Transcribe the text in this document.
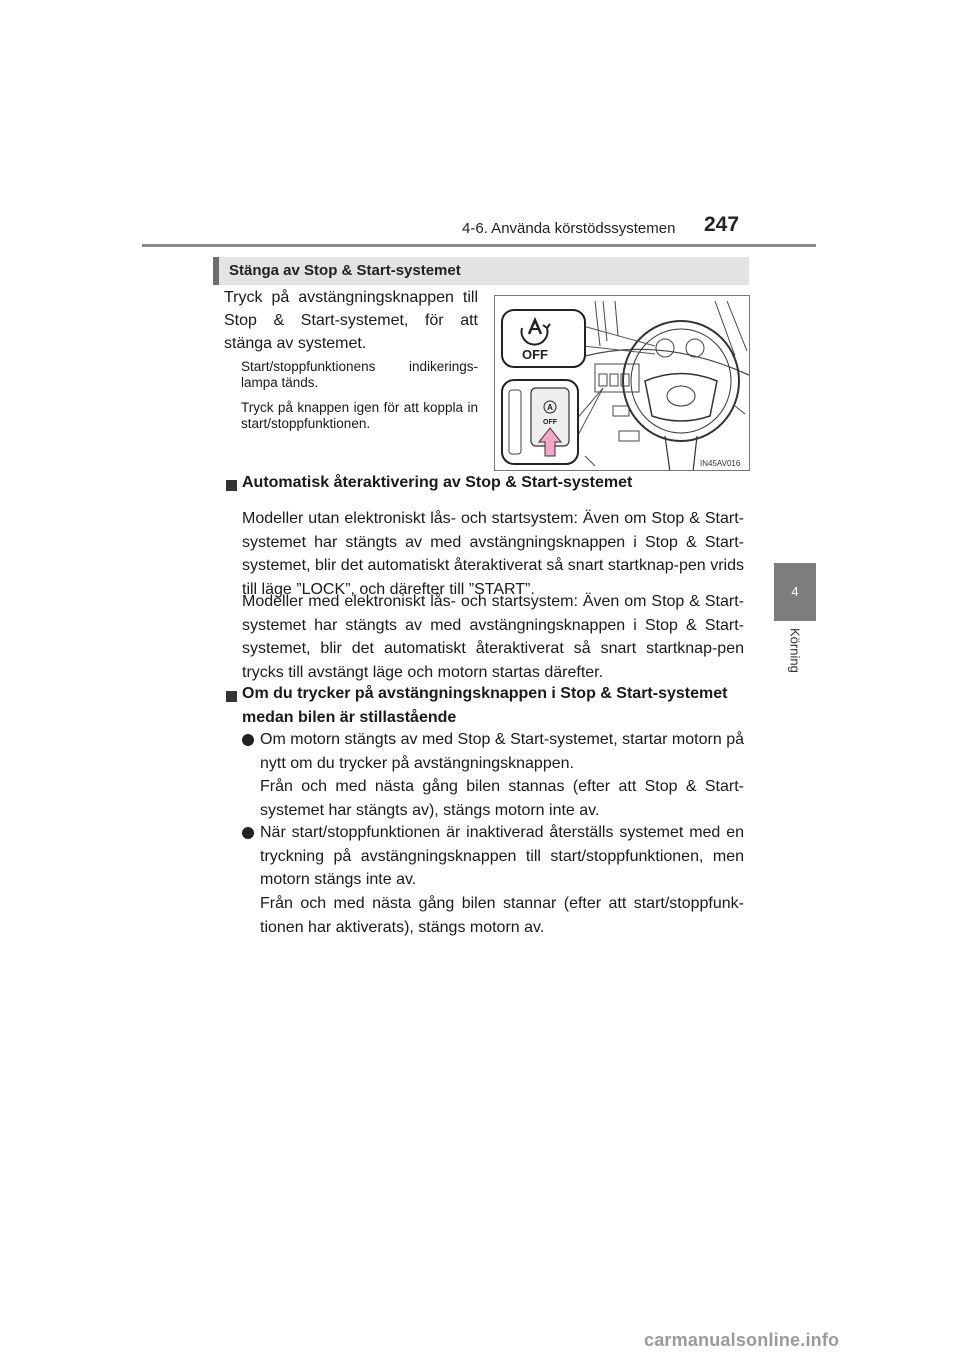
4-6. Använda körstödssystemen 247
4
Körning
Stänga av Stop & Start-systemet
Tryck på avstängningsknappen till Stop & Start-systemet, för att stänga av systemet.
Start/stoppfunktionens indikerings-lampa tänds.
Tryck på knappen igen för att koppla in start/stoppfunktionen.
OFF
A
OFF
IN45AV016
Automatisk återaktivering av Stop & Start-systemet
Modeller utan elektroniskt lås- och startsystem: Även om Stop & Start-systemet har stängts av med avstängningsknappen i Stop & Start-systemet, blir det automatiskt återaktiverat så snart startknap-pen vrids till läge ”LOCK”, och därefter till ”START”.
Modeller med elektroniskt lås- och startsystem: Även om Stop & Start-systemet har stängts av med avstängningsknappen i Stop & Start-systemet, blir det automatiskt återaktiverat så snart startknap-pen trycks till avstängt läge och motorn startas därefter.
Om du trycker på avstängningsknappen i Stop & Start-systemet medan bilen är stillastående
Om motorn stängts av med Stop & Start-systemet, startar motorn på nytt om du trycker på avstängningsknappen.
Från och med nästa gång bilen stannas (efter att Stop & Start-systemet har stängts av), stängs motorn inte av.
När start/stoppfunktionen är inaktiverad återställs systemet med en tryckning på avstängningsknappen till start/stoppfunktionen, men motorn stängs inte av.
Från och med nästa gång bilen stannar (efter att start/stoppfunk-tionen har aktiverats), stängs motorn av.
carmanualsonline.info
